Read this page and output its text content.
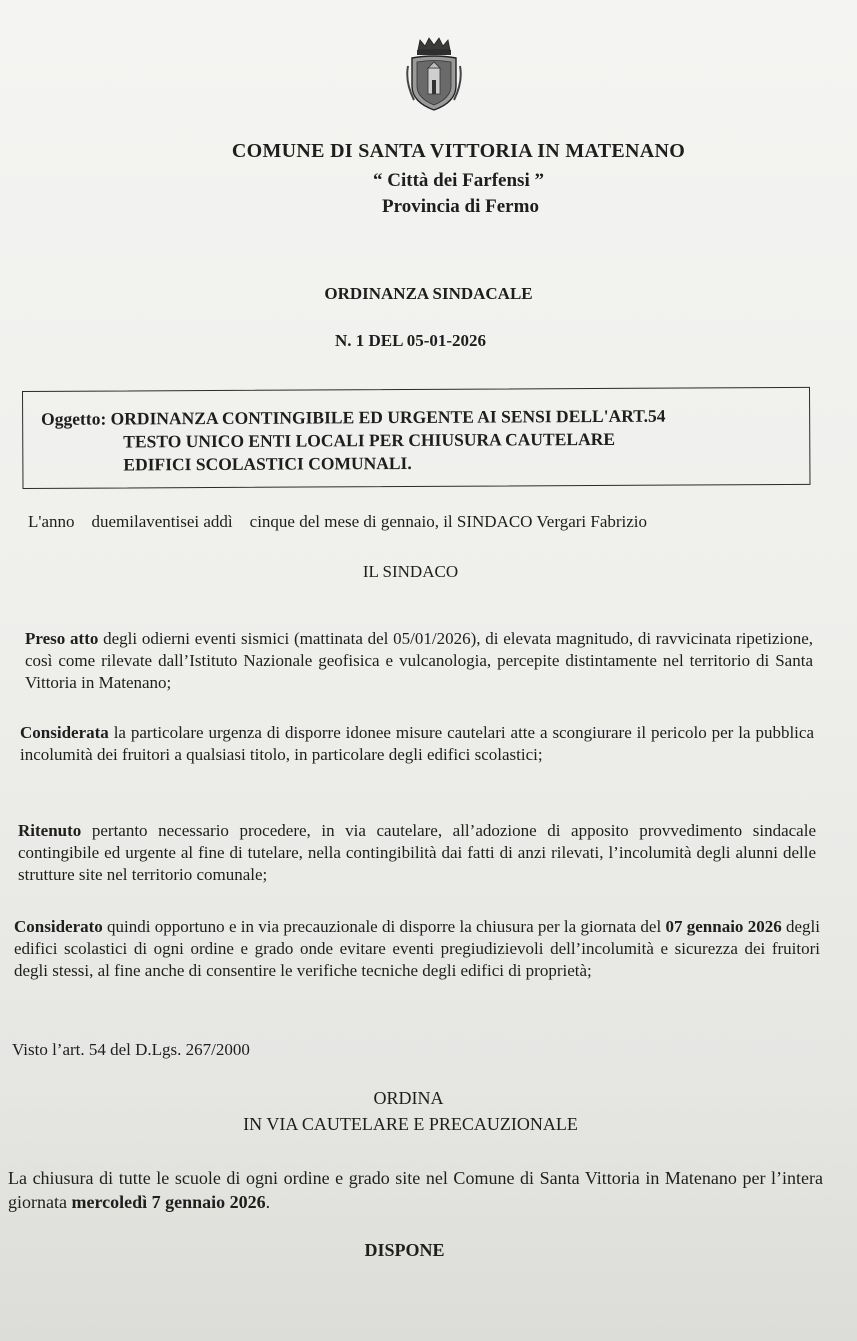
COMUNE DI SANTA VITTORIA IN MATENANO
“ Città dei Farfensi ”
Provincia di Fermo
ORDINANZA SINDACALE
N. 1 DEL 05-01-2026
Oggetto: ORDINANZA CONTINGIBILE ED URGENTE AI SENSI DELL'ART.54
TESTO UNICO ENTI LOCALI PER CHIUSURA CAUTELARE
EDIFICI SCOLASTICI COMUNALI.
L'anno    duemilaventisei addì    cinque del mese di gennaio, il SINDACO Vergari Fabrizio
IL SINDACO
Preso atto degli odierni eventi sismici (mattinata del 05/01/2026), di elevata magnitudo, di ravvicinata ripetizione, così come rilevate dall’Istituto Nazionale geofisica e vulcanologia, percepite distintamente nel territorio di Santa Vittoria in Matenano;
Considerata la particolare urgenza di disporre idonee misure cautelari atte a scongiurare il pericolo per la pubblica incolumità dei fruitori a qualsiasi titolo, in particolare degli edifici scolastici;
Ritenuto pertanto necessario procedere, in via cautelare, all’adozione di apposito provvedimento sindacale contingibile ed urgente al fine di tutelare, nella contingibilità dai fatti di anzi rilevati, l’incolumità degli alunni delle strutture site nel territorio comunale;
Considerato quindi opportuno e in via precauzionale di disporre la chiusura per la giornata del 07 gennaio 2026 degli edifici scolastici di ogni ordine e grado onde evitare eventi pregiudizievoli dell’incolumità e sicurezza dei fruitori degli stessi, al fine anche di consentire le verifiche tecniche degli edifici di proprietà;
Visto l’art. 54 del D.Lgs. 267/2000
ORDINA
IN VIA CAUTELARE E PRECAUZIONALE
La chiusura di tutte le scuole di ogni ordine e grado site nel Comune di Santa Vittoria in Matenano per l’intera giornata mercoledì 7 gennaio 2026.
DISPONE
